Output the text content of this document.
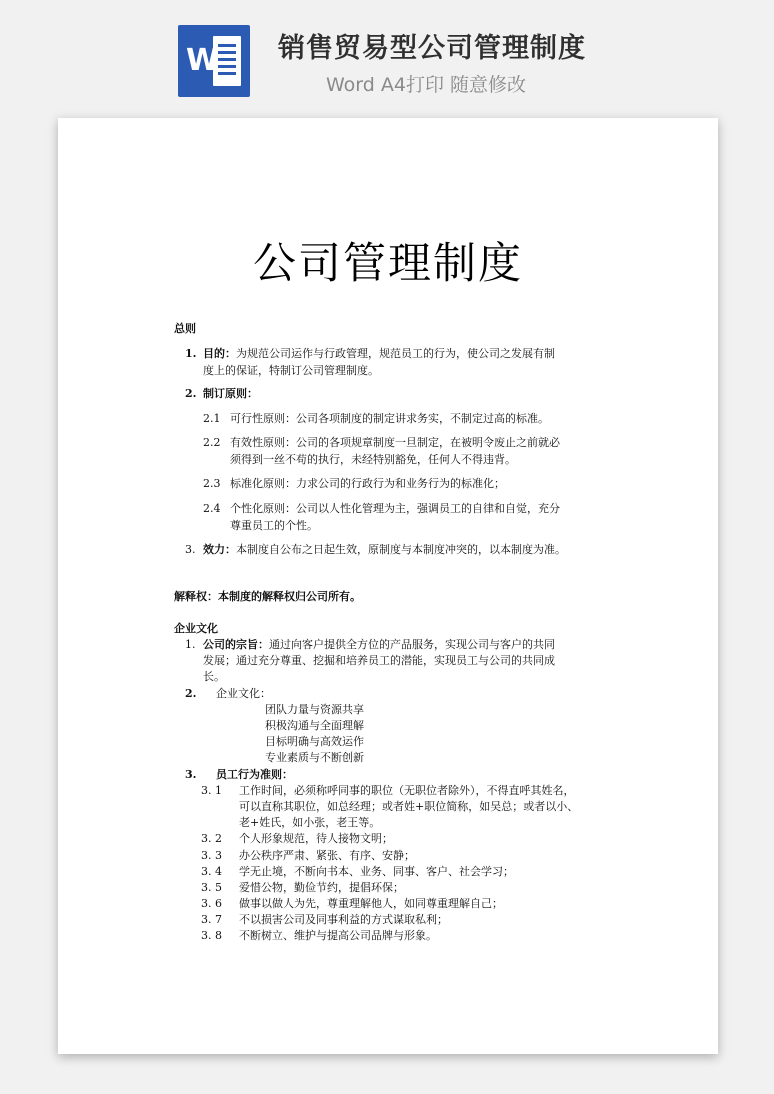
W 销售贸易型公司管理制度
Word A4打印 随意修改
公司管理制度
总则
1. 目的：为规范公司运作与行政管理，规范员工的行为，使公司之发展有制
度上的保证，特制订公司管理制度。
2. 制订原则：
2.1 可行性原则：公司各项制度的制定讲求务实，不制定过高的标准。
2.2 有效性原则：公司的各项规章制度一旦制定，在被明令废止之前就必
须得到一丝不苟的执行，未经特别豁免，任何人不得违背。
2.3 标准化原则：力求公司的行政行为和业务行为的标准化；
2.4 个性化原则：公司以人性化管理为主，强调员工的自律和自觉，充分
尊重员工的个性。
3. 效力：本制度自公布之日起生效，原制度与本制度冲突的，以本制度为准。
解释权：本制度的解释权归公司所有。
企业文化
1. 公司的宗旨：通过向客户提供全方位的产品服务，实现公司与客户的共同
发展；通过充分尊重、挖掘和培养员工的潜能，实现员工与公司的共同成
长。
2. 企业文化：
团队力量与资源共享
积极沟通与全面理解
目标明确与高效运作
专业素质与不断创新
3. 员工行为准则：
3. 1 工作时间，必须称呼同事的职位（无职位者除外），不得直呼其姓名，
可以直称其职位，如总经理；或者姓+职位简称，如吴总；或者以小、
老+姓氏，如小张，老王等。
3. 2 个人形象规范，待人接物文明；
3. 3 办公秩序严肃、紧张、有序、安静；
3. 4 学无止境，不断向书本、业务、同事、客户、社会学习；
3. 5 爱惜公物，勤俭节约，提倡环保；
3. 6 做事以做人为先，尊重理解他人，如同尊重理解自己；
3. 7 不以损害公司及同事利益的方式谋取私利；
3. 8 不断树立、维护与提高公司品牌与形象。
